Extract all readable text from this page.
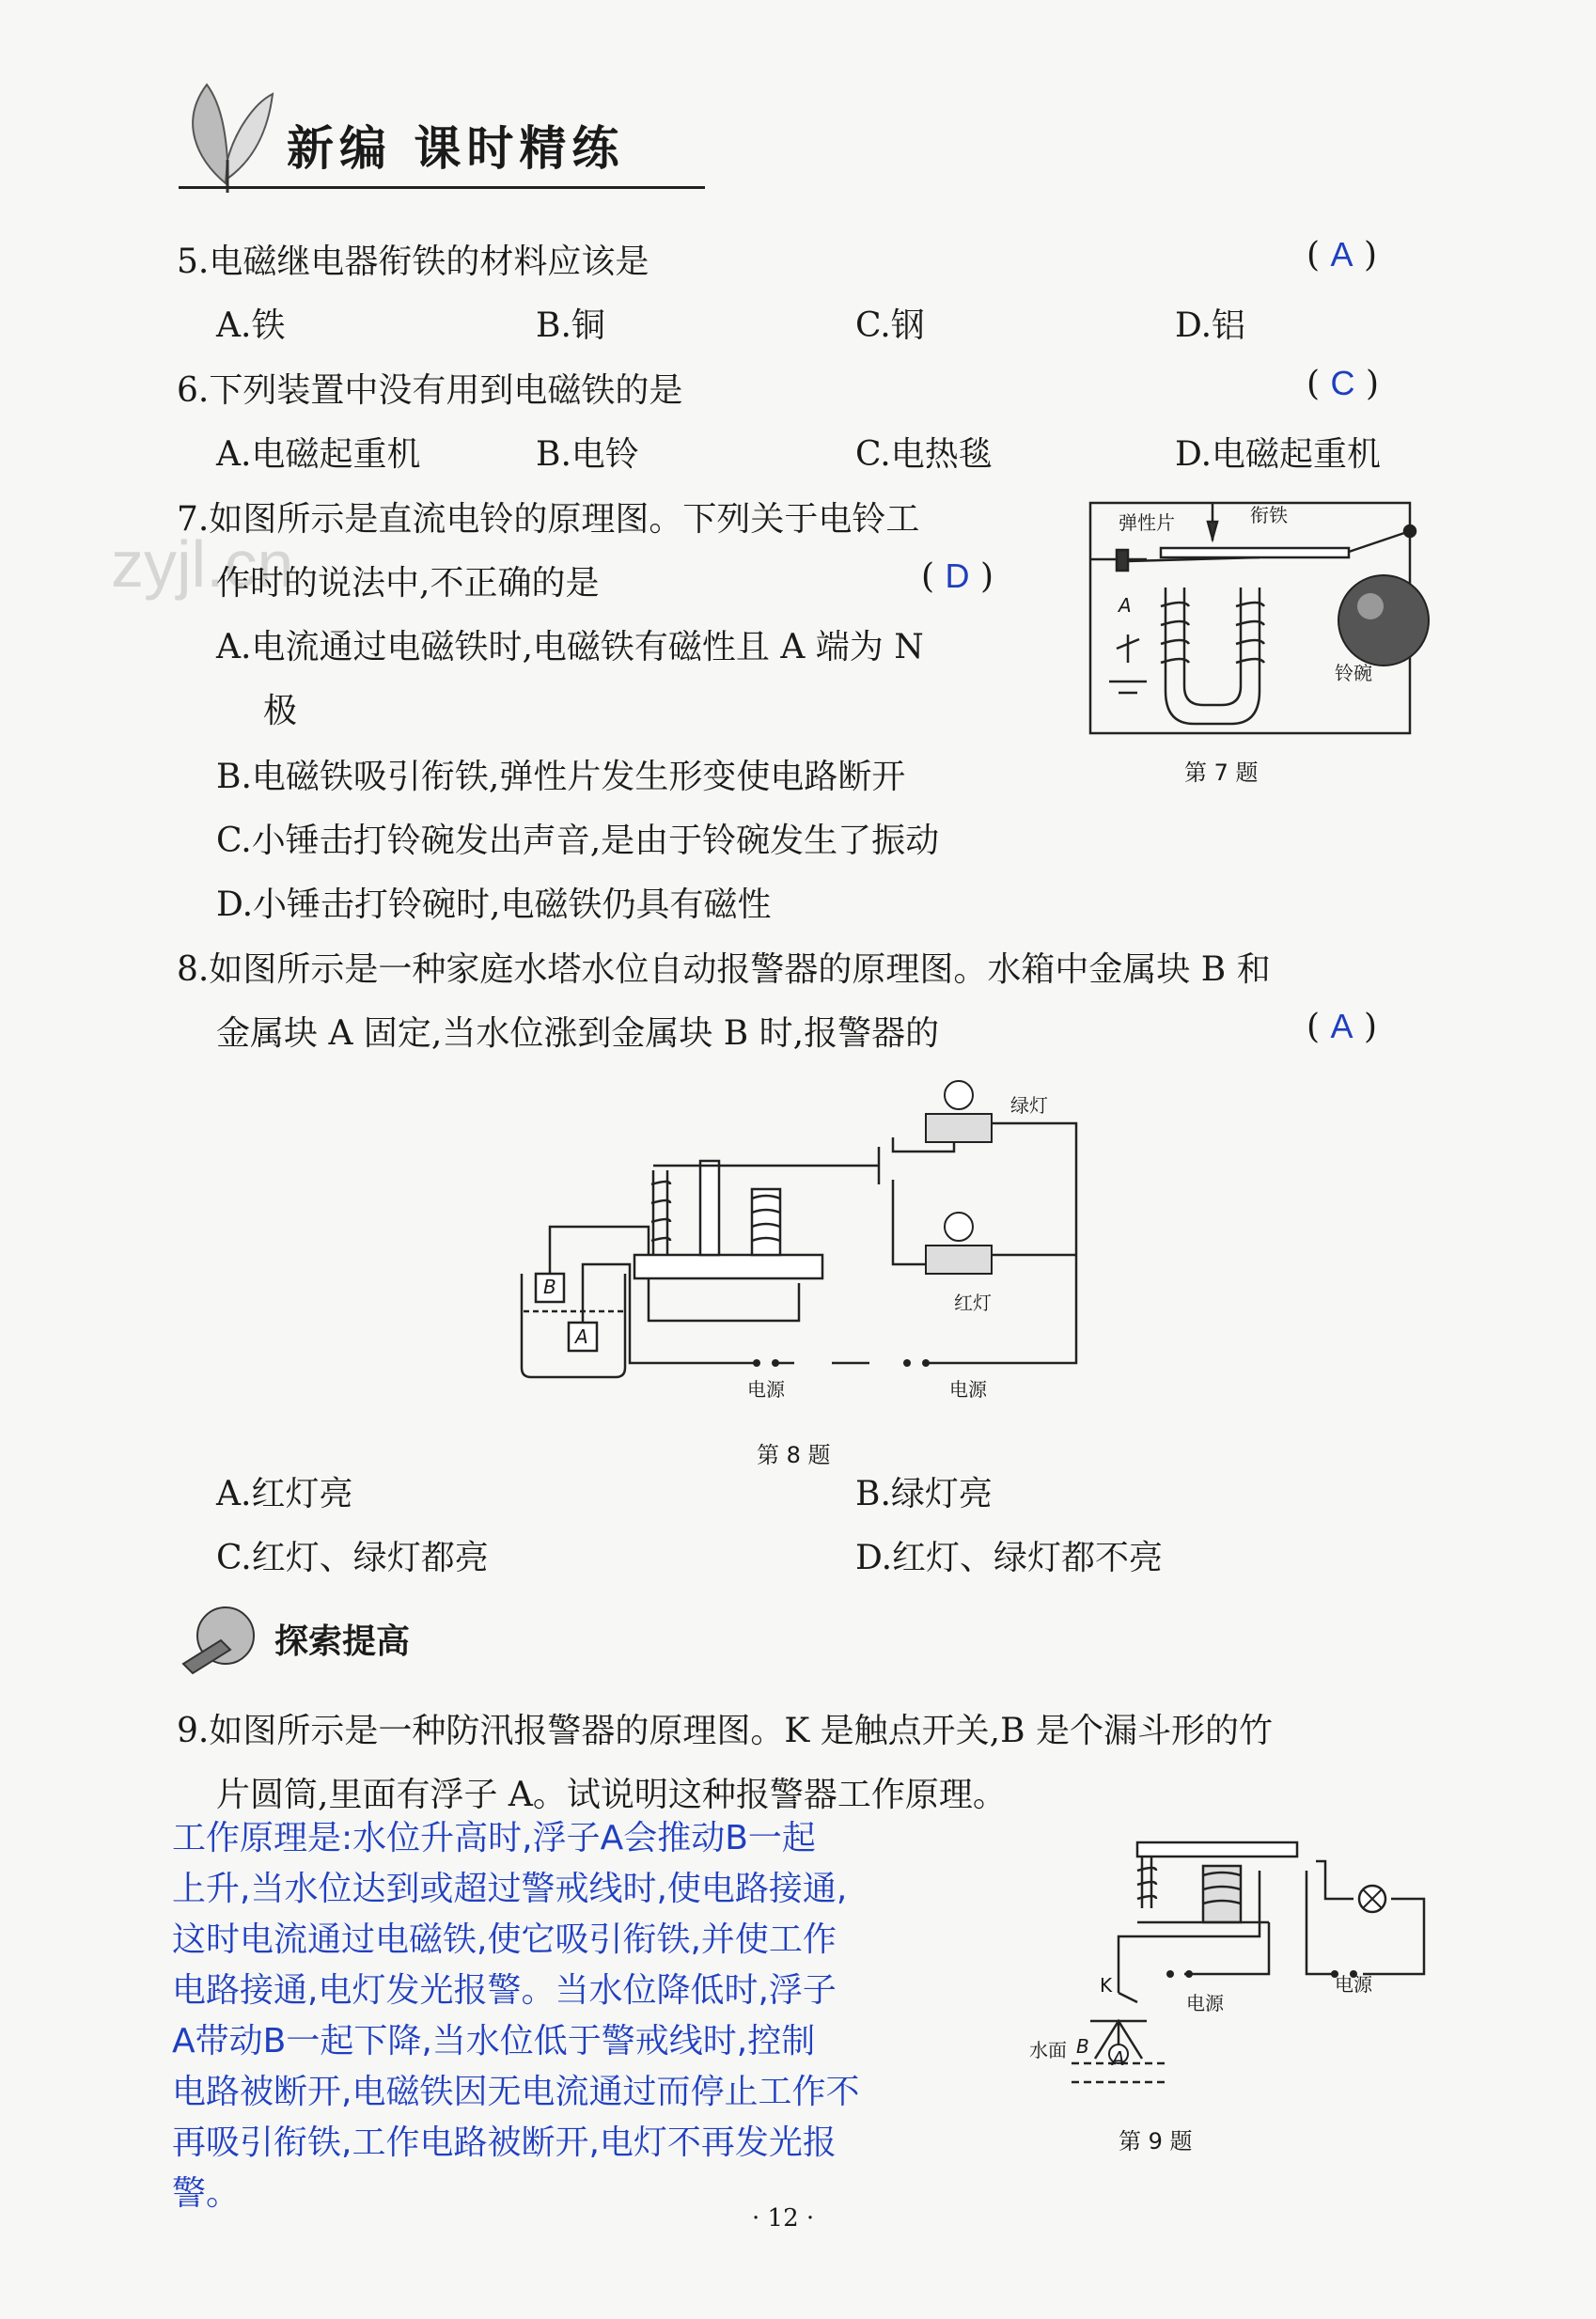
新编 课时精练
zyjl.cn
5.电磁继电器衔铁的材料应该是	( A )
A.铁	B.铜	C.钢	D.铝
6.下列装置中没有用到电磁铁的是	( C )
A.电磁起重机	B.电铃	C.电热毯	D.电磁起重机
7.如图所示是直流电铃的原理图。下列关于电铃工
作时的说法中,不正确的是	( D )
A.电流通过电磁铁时,电磁铁有磁性且 A 端为 N
极
B.电磁铁吸引衔铁,弹性片发生形变使电路断开
C.小锤击打铃碗发出声音,是由于铃碗发生了振动
D.小锤击打铃碗时,电磁铁仍具有磁性
弹性片	衔铁
铃碗
A
第 7 题
8.如图所示是一种家庭水塔水位自动报警器的原理图。水箱中金属块 B 和
金属块 A 固定,当水位涨到金属块 B 时,报警器的	( A )
绿灯
红灯
电源	电源
B
A
第 8 题
A.红灯亮	B.绿灯亮
C.红灯、绿灯都亮	D.红灯、绿灯都不亮
探索提高
9.如图所示是一种防汛报警器的原理图。K 是触点开关,B 是个漏斗形的竹
片圆筒,里面有浮子 A。试说明这种报警器工作原理。
工作原理是:水位升高时,浮子A会推动B一起
上升,当水位达到或超过警戒线时,使电路接通,
这时电流通过电磁铁,使它吸引衔铁,并使工作
电路接通,电灯发光报警。当水位降低时,浮子
A带动B一起下降,当水位低于警戒线时,控制
电路被断开,电磁铁因无电流通过而停止工作不
再吸引衔铁,工作电路被断开,电灯不再发光报
警。
K
水面 B
A
电源
电源
第 9 题
· 12 ·
